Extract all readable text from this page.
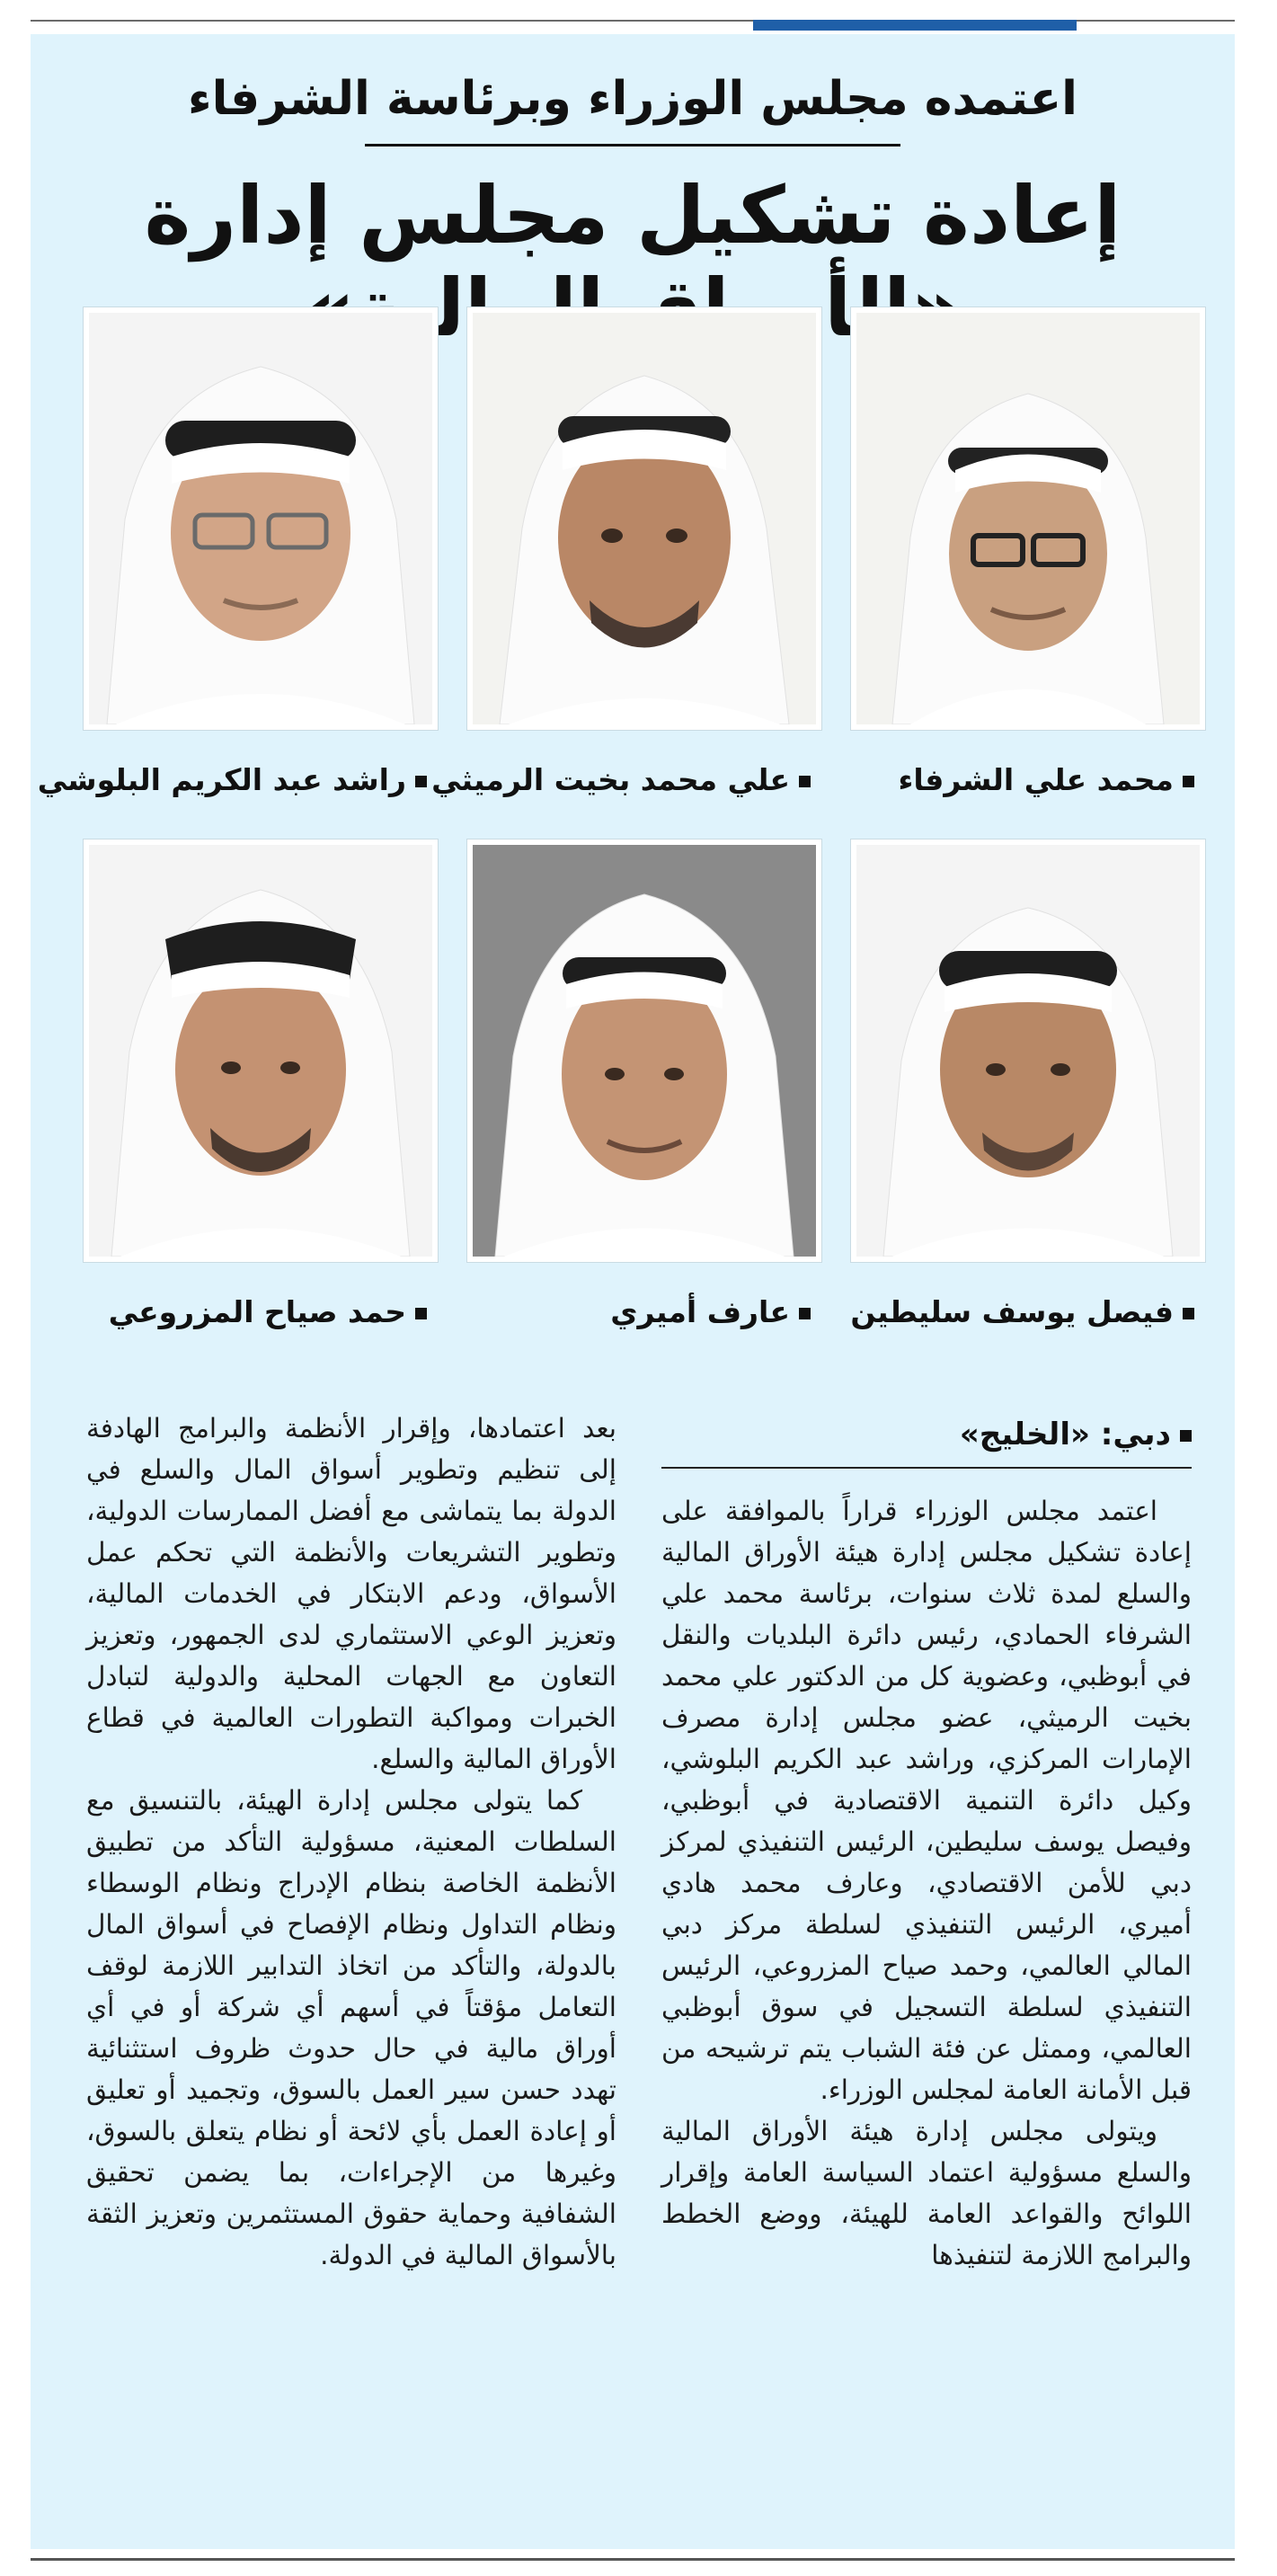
اعتمده مجلس الوزراء وبرئاسة الشرفاء
إعادة تشكيل مجلس إدارة المالية»
محمد علي الشرفاء
علي محمد بخيت الرميثي
راشد عبد الكريم البلوشي
فيصل يوسف سليطين
عارف أميري
حمد صياح المزروعي
دبي: «الخليج»

اعتمد مجلس الوزراء قراراً بالموافقة على إعادة تشكيل مجلس إدارة هيئة الأوراق المالية والسلع لمدة ثلاث سنوات، برئاسة محمد علي الشرفاء الحمادي، رئيس دائرة البلديات والنقل في أبوظبي، وعضوية كل من الدكتور علي محمد بخيت الرميثي، عضو مجلس إدارة مصرف الإمارات المركزي، وراشد عبد الكريم البلوشي، وكيل دائرة التنمية الاقتصادية في أبوظبي، وفيصل يوسف سليطين، الرئيس التنفيذي لمركز دبي للأمن الاقتصادي، وعارف محمد هادي أميري، الرئيس التنفيذي لسلطة مركز دبي المالي العالمي، وحمد صياح المزروعي، الرئيس التنفيذي لسلطة التسجيل في سوق أبوظبي العالمي، وممثل عن فئة الشباب يتم ترشيحه من قبل الأمانة العامة لمجلس الوزراء.

ويتولى مجلس إدارة هيئة الأوراق المالية والسلع مسؤولية اعتماد السياسة العامة وإقرار اللوائح والقواعد العامة للهيئة، ووضع الخطط والبرامج اللازمة لتنفيذها

بعد اعتمادها، وإقرار الأنظمة والبرامج الهادفة إلى تنظيم وتطوير أسواق المال والسلع في الدولة بما يتماشى مع أفضل الممارسات الدولية، وتطوير التشريعات والأنظمة التي تحكم عمل الأسواق، ودعم الابتكار في الخدمات المالية، وتعزيز الوعي الاستثماري لدى الجمهور، وتعزيز التعاون مع الجهات المحلية والدولية لتبادل الخبرات ومواكبة التطورات العالمية في قطاع الأوراق المالية والسلع.

كما يتولى مجلس إدارة الهيئة، بالتنسيق مع السلطات المعنية، مسؤولية التأكد من تطبيق الأنظمة الخاصة بنظام الإدراج ونظام الوسطاء ونظام التداول ونظام الإفصاح في أسواق المال بالدولة، والتأكد من اتخاذ التدابير اللازمة لوقف التعامل مؤقتاً في أسهم أي شركة أو في أي أوراق مالية في حال حدوث ظروف استثنائية تهدد حسن سير العمل بالسوق، وتجميد أو تعليق أو إعادة العمل بأي لائحة أو نظام يتعلق بالسوق، وغيرها من الإجراءات، بما يضمن تحقيق الشفافية وحماية حقوق المستثمرين وتعزيز الثقة بالأسواق المالية في الدولة.
